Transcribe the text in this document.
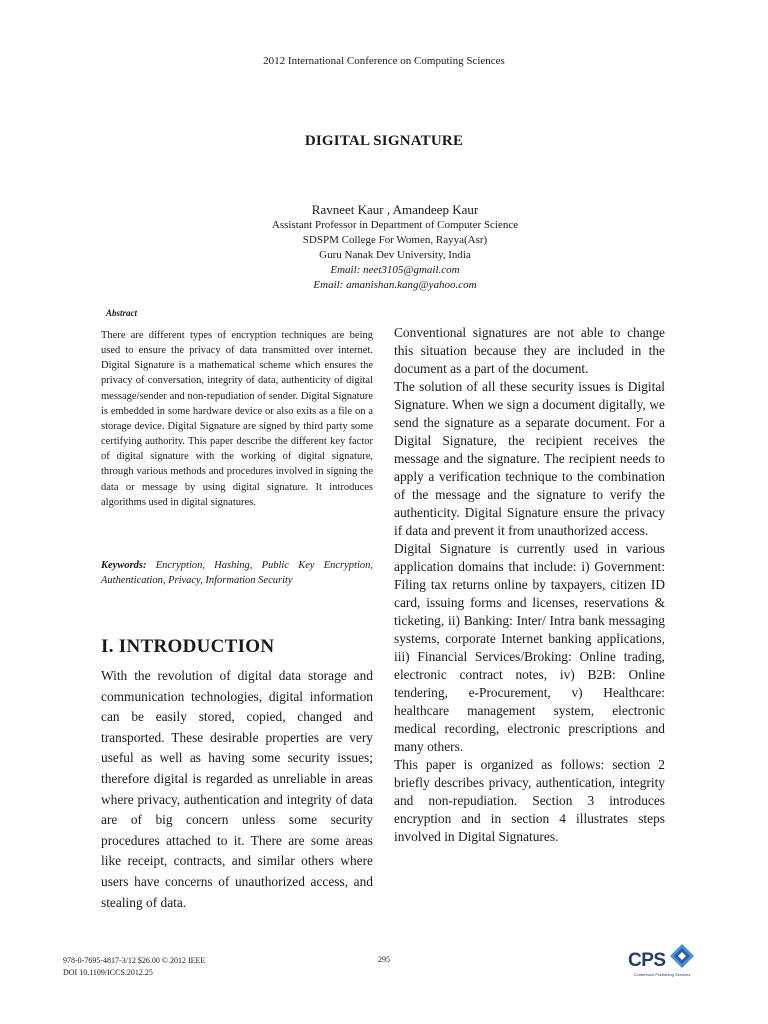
2012 International Conference on Computing Sciences
DIGITAL SIGNATURE
Ravneet Kaur , Amandeep Kaur
Assistant Professor in Department of Computer Science
SDSPM College For Women, Rayya(Asr)
Guru Nanak Dev University, India
Email: neet3105@gmail.com
Email: amanishan.kang@yahoo.com
Abstract

There are different types of encryption techniques are being used to ensure the privacy of data transmitted over internet. Digital Signature is a mathematical scheme which ensures the privacy of conversation, integrity of data, authenticity of digital message/sender and non-repudiation of sender. Digital Signature is embedded in some hardware device or also exits as a file on a storage device. Digital Signature are signed by third party some certifying authority. This paper describe the different key factor of digital signature with the working of digital signature, through various methods and procedures involved in signing the data or message by using digital signature. It introduces algorithms used in digital signatures.

Keywords: Encryption, Hashing, Public Key Encryption, Authentication, Privacy, Information Security

I. INTRODUCTION

With the revolution of digital data storage and communication technologies, digital information can be easily stored, copied, changed and transported. These desirable properties are very useful as well as having some security issues; therefore digital is regarded as unreliable in areas where privacy, authentication and integrity of data are of big concern unless some security procedures attached to it. There are some areas like receipt, contracts, and similar others where users have concerns of unauthorized access, and stealing of data.

Conventional signatures are not able to change this situation because they are included in the document as a part of the document.

The solution of all these security issues is Digital Signature. When we sign a document digitally, we send the signature as a separate document. For a Digital Signature, the recipient receives the message and the signature. The recipient needs to apply a verification technique to the combination of the message and the signature to verify the authenticity. Digital Signature ensure the privacy if data and prevent it from unauthorized access.

Digital Signature is currently used in various application domains that include: i) Government: Filing tax returns online by taxpayers, citizen ID card, issuing forms and licenses, reservations & ticketing, ii) Banking: Inter/ Intra bank messaging systems, corporate Internet banking applications, iii) Financial Services/Broking: Online trading, electronic contract notes, iv) B2B: Online tendering, e-Procurement, v) Healthcare: healthcare management system, electronic medical recording, electronic prescriptions and many others.

This paper is organized as follows: section 2 briefly describes privacy, authentication, integrity and non-repudiation. Section 3 introduces encryption and in section 4 illustrates steps involved in Digital Signatures.

978-0-7695-4817-3/12 $26.00 © 2012 IEEE
DOI 10.1109/ICCS.2012.25
295	CPS
Conference Publishing Services
